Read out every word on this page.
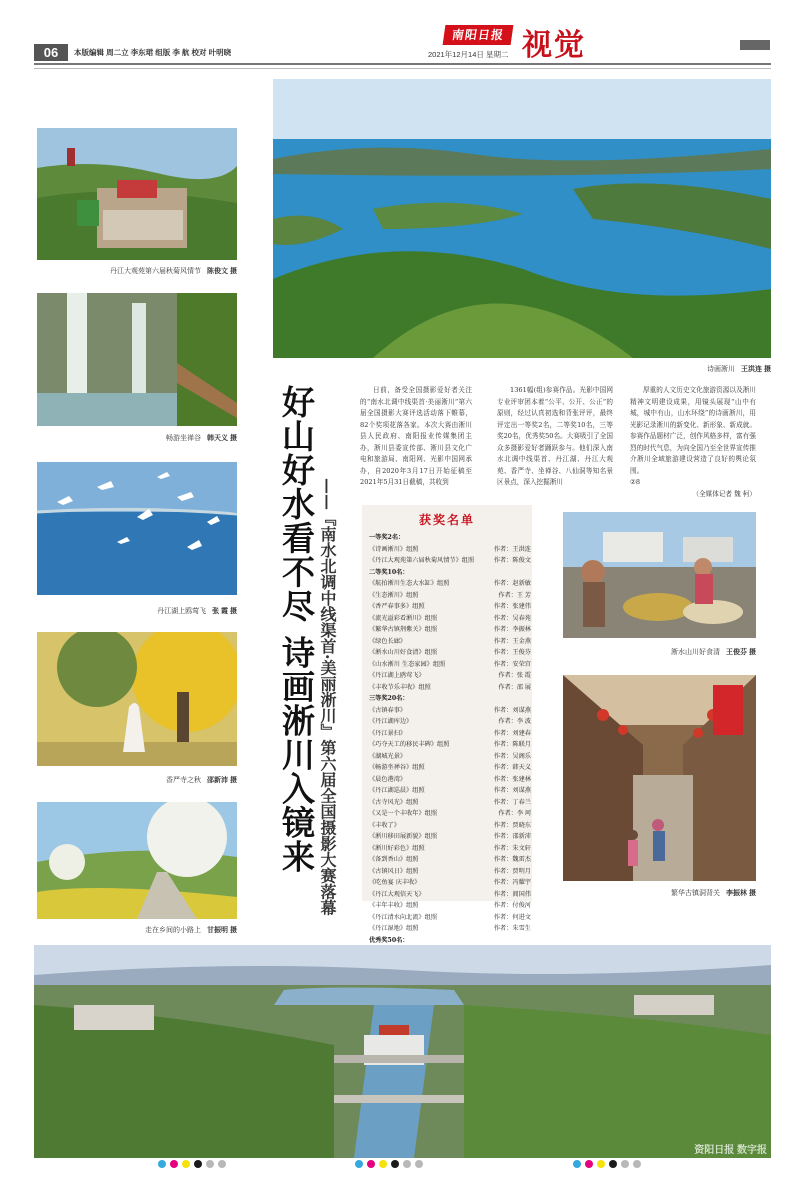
06	本版编辑 周二立 李东珺 组版 李 航 校对 叶明晓	2021年12月14日 星期二
南阳日报 视觉
丹江大观苑第六届秋菊风情节 陈俊文 摄
畅游坐禅谷 韩天义 摄
丹江湖上鸥莺飞 张 霞 摄
香严寺之秋 邵新沛 摄
走在乡间的小路上 甘振明 摄
诗画淅川 王洪连 摄
好山好水看不尽 诗画淅川入镜来 ——『南水北调中线渠首·美丽淅川』第六届全国摄影大赛落幕

日前，备受全国摄影爱好者关注的“南水北调中线渠首·美丽淅川”第六届全国摄影大赛评选活动落下帷幕，82个奖项花落各家。本次大赛由淅川县人民政府、南阳报业传媒集团主办，淅川县委宣传部、淅川县文化广电和旅游局、南阳网、光影中国网承办，自2020年3月17日开始征稿至2021年5月31日截稿，共收到

1361幅(组)参赛作品。光影中国网专业评审团本着“公平、公开、公正”的原则，经过认真初选和背张评评，最终评定出一等奖2名，二等奖10名，三等奖20名，优秀奖50名。大赛吸引了全国众多摄影爱好者踊跃参与。他们深入南水北调中线渠首、丹江湖、丹江大观苑、香严寺、坐禅谷、八仙洞等知名景区景点，深入挖掘淅川

厚重的人文历史文化旅游资源以及淅川精神文明建设成果，用镜头展现“山中有城，城中有山，山水环绕”的诗画淅川，用光影记录淅川的新变化、新形象、新成就。参赛作品题材广泛，创作风格多样，富有强烈的时代气息，为向全国乃至全世界宣传推介淅川全域旅游建设营造了良好的舆论氛围。

②8
（全媒体记者 魏 柯）
获奖名单
一等奖2名：
《诗画淅川》组照	作者：王洪连
《丹江大观苑第六届秋菊风情节》组照	作者：陈俊文
二等奖10名：
《航拍淅川生态大水缸》组照	作者：赵新敏
《生态淅川》组照	作者：王 芳
《香严春事多》组照	作者：张建伟
《流光溢彩看淅川》组照	作者：吴春苑
《繁华古镇荆紫关》组照	作者：李振林
《绿色长廊》	作者：王金燕
《淅水山川好食清》组照	作者：王俊芬
《山水淅川 生态家园》组照	作者：安荣宫
《丹江湖上鸥莺飞》	作者：张 霞
《丰收节乐丰收》组照	作者：邵 展
三等奖20名：
《古镇春事》	作者：刘谋燕
《丹江湖库边》	作者：李 波
《丹江景扫》	作者：刘建春
《巧夺天工的移民丰碑》组照	作者：陈联月
《湖城光景》	作者：吴阁乐
《畅游坐禅谷》组照	作者：韩天义
《晨色港湾》	作者：张建林
《丹江湖巡晨》组照	作者：刘谋燕
《古寺风光》组照	作者：丁春兰
《又是一个丰收年》组照	作者：李 珂
《丰收了》	作者：贾晓东
《淅川移田展新貌》组照	作者：邵新沛
《淅川好彩色》组照	作者：朱文轩
《备到香山》组照	作者：魏雷杰
《古镇风日》组照	作者：贾明月
《吃鱼宴 庆丰收》	作者：冯耀宇
《丹江大观信天飞》	作者：阎国伟
《丰年丰收》组照	作者：付俊河
《丹江清水向北流》组照	作者：何进文
《丹江湿地》组照	作者：朱雪生
优秀奖50名：
淅水山川好食清 王俊芬 摄
繁华古镇洞背关 李振林 摄
资阳日报 数字报
